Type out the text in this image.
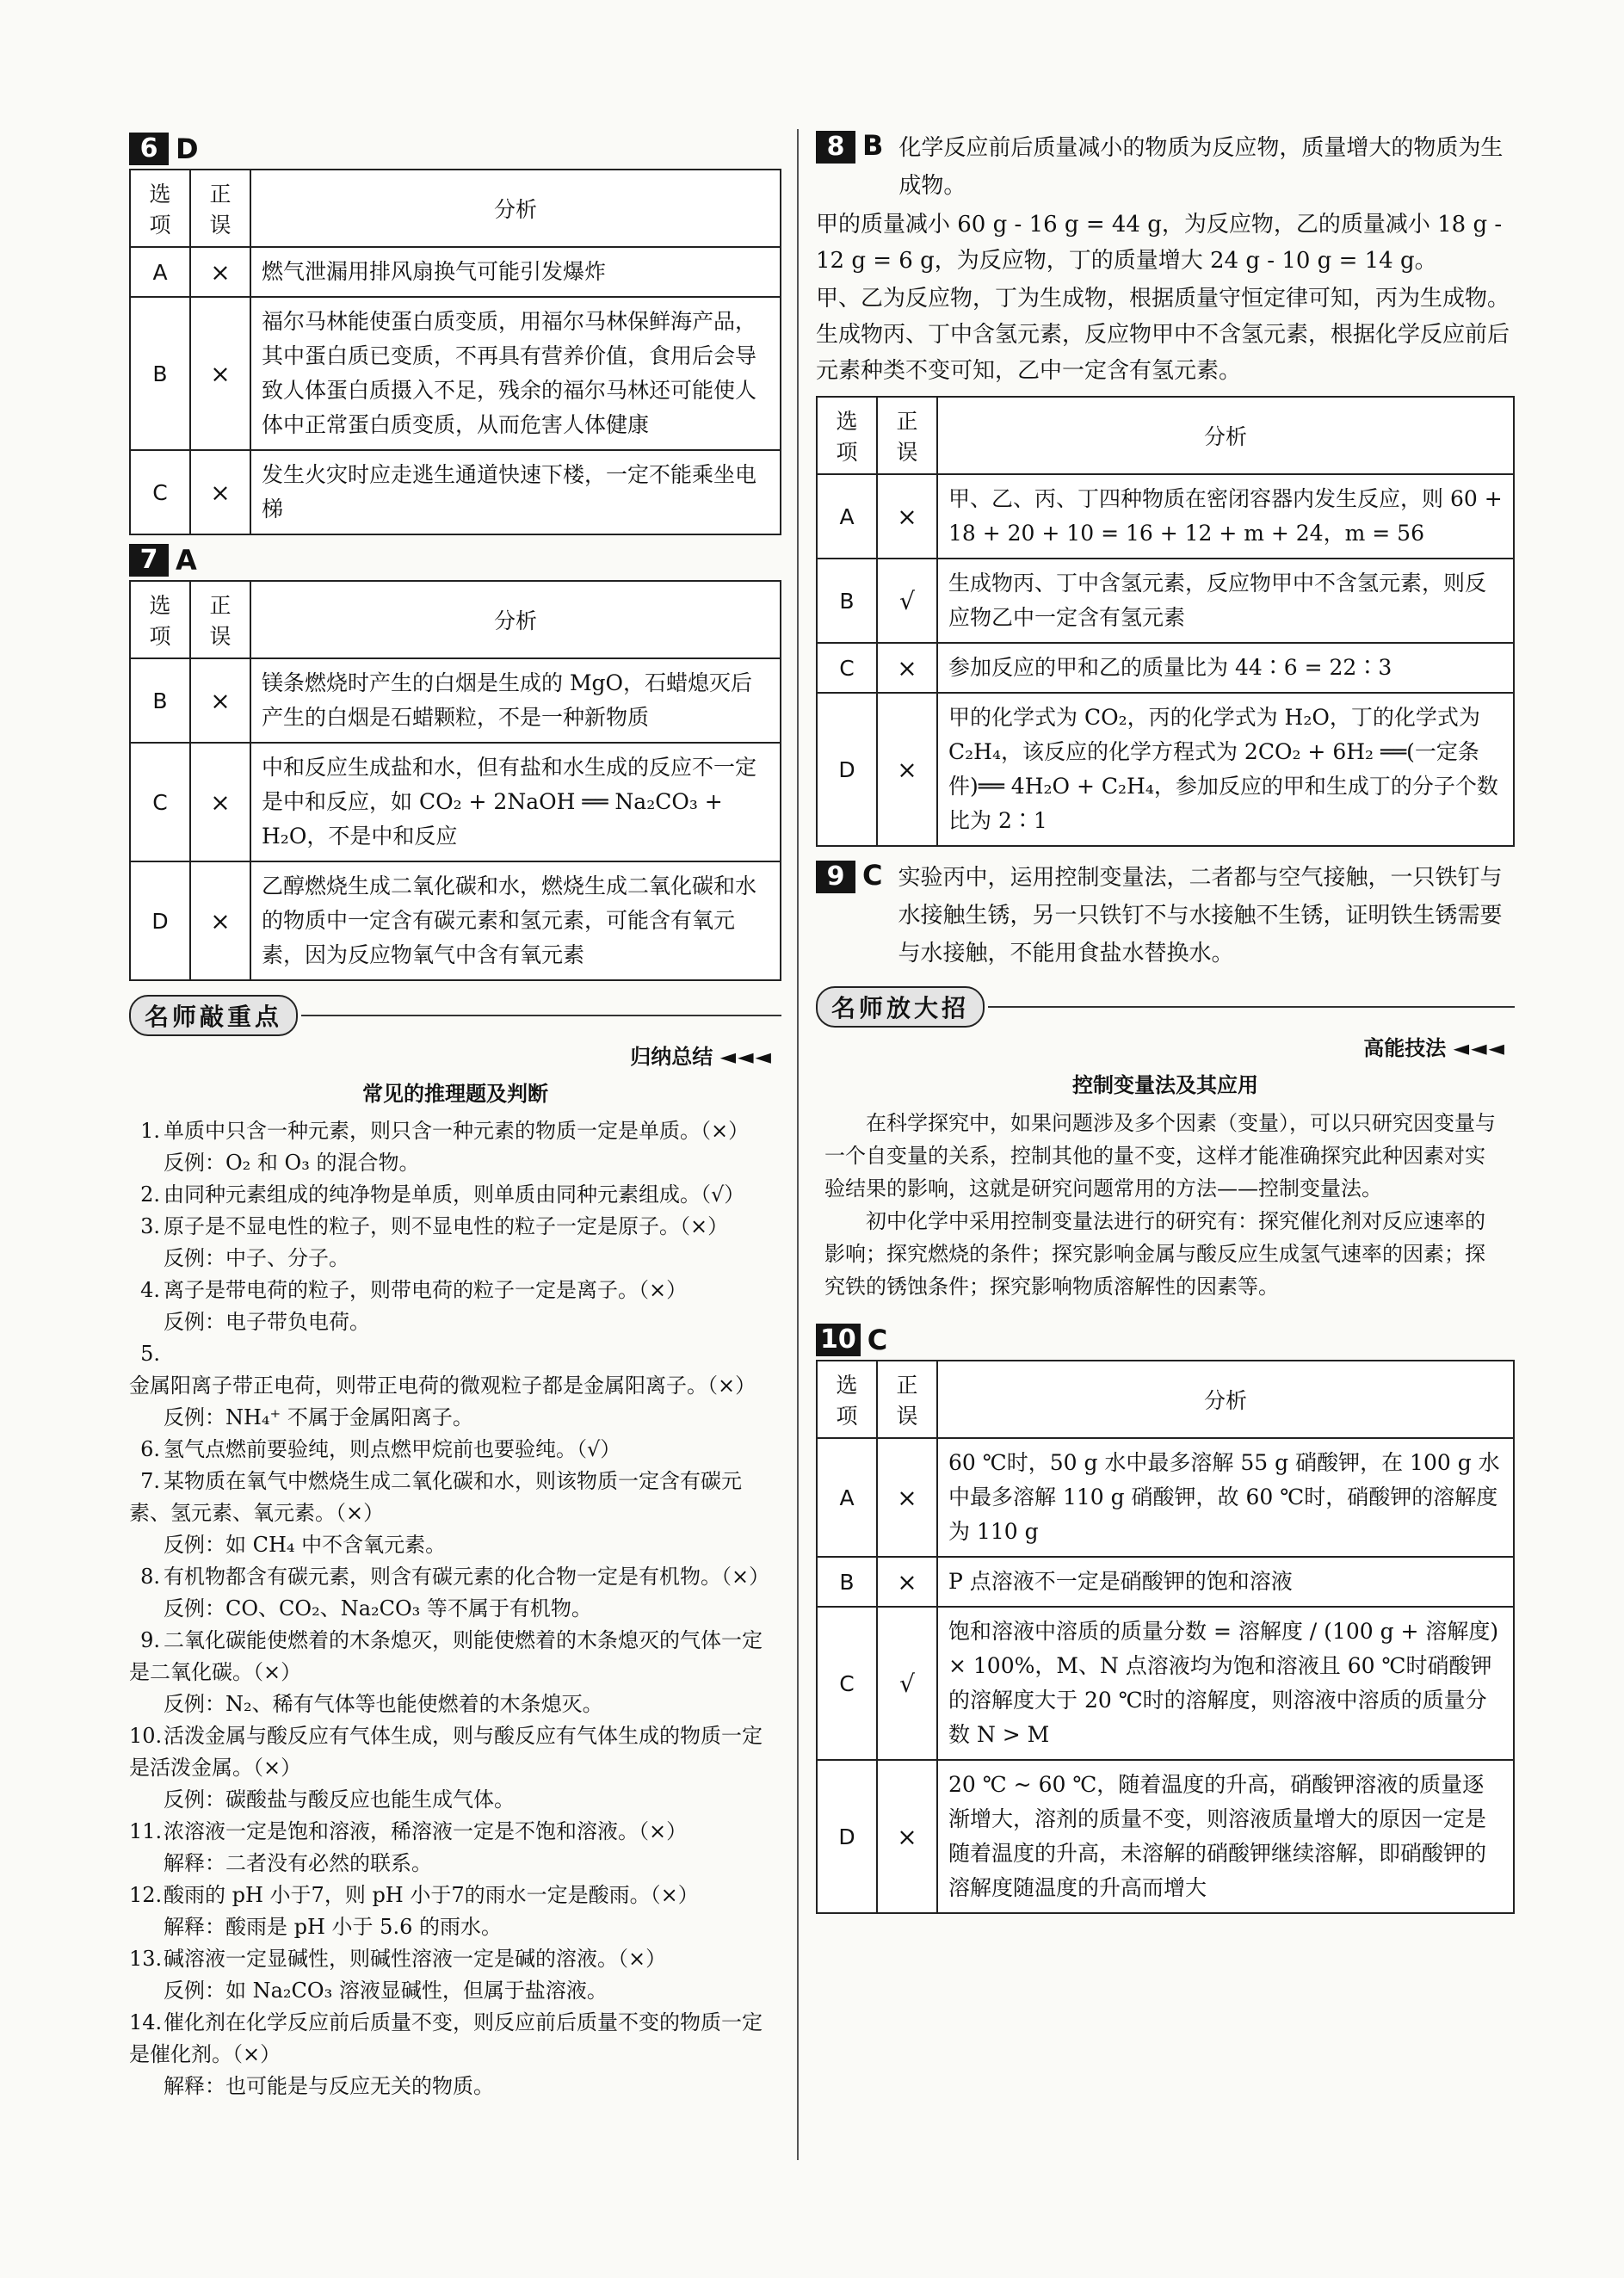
6 D
选项	正误	分析
A	×	燃气泄漏用排风扇换气可能引发爆炸
B	×	福尔马林能使蛋白质变质，用福尔马林保鲜海产品，其中蛋白质已变质，不再具有营养价值，食用后会导致人体蛋白质摄入不足，残余的福尔马林还可能使人体中正常蛋白质变质，从而危害人体健康
C	×	发生火灾时应走逃生通道快速下楼，一定不能乘坐电梯
7 A
选项	正误	分析
B	×	镁条燃烧时产生的白烟是生成的 MgO，石蜡熄灭后产生的白烟是石蜡颗粒，不是一种新物质
C	×	中和反应生成盐和水，但有盐和水生成的反应不一定是中和反应，如 CO₂ + 2NaOH ══ Na₂CO₃ + H₂O，不是中和反应
D	×	乙醇燃烧生成二氧化碳和水，燃烧生成二氧化碳和水的物质中一定含有碳元素和氢元素，可能含有氧元素，因为反应物氧气中含有氧元素
名师敲重点
归纳总结 ◄◄◄
常见的推理题及判断
1. 单质中只含一种元素，则只含一种元素的物质一定是单质。（×）
反例：O₂ 和 O₃ 的混合物。
2. 由同种元素组成的纯净物是单质，则单质由同种元素组成。（√）
3. 原子是不显电性的粒子，则不显电性的粒子一定是原子。（×）
反例：中子、分子。
4. 离子是带电荷的粒子，则带电荷的粒子一定是离子。（×）
反例：电子带负电荷。
5.金属阳离子带正电荷，则带正电荷的微观粒子都是金属阳离子。（×）
反例：NH₄⁺ 不属于金属阳离子。
6. 氢气点燃前要验纯，则点燃甲烷前也要验纯。（√）
7. 某物质在氧气中燃烧生成二氧化碳和水，则该物质一定含有碳元素、氢元素、氧元素。（×）
反例：如 CH₄ 中不含氧元素。
8. 有机物都含有碳元素，则含有碳元素的化合物一定是有机物。（×）
反例：CO、CO₂、Na₂CO₃ 等不属于有机物。
9. 二氧化碳能使燃着的木条熄灭，则能使燃着的木条熄灭的气体一定是二氧化碳。（×）
反例：N₂、稀有气体等也能使燃着的木条熄灭。
10.活泼金属与酸反应有气体生成，则与酸反应有气体生成的物质一定是活泼金属。（×）
反例：碳酸盐与酸反应也能生成气体。
11.浓溶液一定是饱和溶液，稀溶液一定是不饱和溶液。（×）
解释：二者没有必然的联系。
12.酸雨的 pH 小于7，则 pH 小于7的雨水一定是酸雨。（×）
解释：酸雨是 pH 小于 5.6 的雨水。
13.碱溶液一定显碱性，则碱性溶液一定是碱的溶液。（×）
反例：如 Na₂CO₃ 溶液显碱性，但属于盐溶液。
14.催化剂在化学反应前后质量不变，则反应前后质量不变的物质一定是催化剂。（×）
解释：也可能是与反应无关的物质。
8 B 化学反应前后质量减小的物质为反应物，质量增大的物质为生成物。

甲的质量减小 60 g - 16 g = 44 g，为反应物，乙的质量减小 18 g - 12 g = 6 g，为反应物，丁的质量增大 24 g - 10 g = 14 g。

甲、乙为反应物，丁为生成物，根据质量守恒定律可知，丙为生成物。生成物丙、丁中含氢元素，反应物甲中不含氢元素，根据化学反应前后元素种类不变可知，乙中一定含有氢元素。

选项	正误	分析
A	×	甲、乙、丙、丁四种物质在密闭容器内发生反应，则 60 + 18 + 20 + 10 = 16 + 12 + m + 24，m = 56
B	√	生成物丙、丁中含氢元素，反应物甲中不含氢元素，则反应物乙中一定含有氢元素
C	×	参加反应的甲和乙的质量比为 44∶6 = 22∶3
D	×	甲的化学式为 CO₂，丙的化学式为 H₂O，丁的化学式为 C₂H₄，该反应的化学方程式为 2CO₂ + 6H₂ ══(一定条件)══ 4H₂O + C₂H₄，参加反应的甲和生成丁的分子个数比为 2∶1
9 C 实验丙中，运用控制变量法，二者都与空气接触，一只铁钉与水接触生锈，另一只铁钉不与水接触不生锈，证明铁生锈需要与水接触，不能用食盐水替换水。
名师放大招
高能技法 ◄◄◄
控制变量法及其应用

在科学探究中，如果问题涉及多个因素（变量），可以只研究因变量与一个自变量的关系，控制其他的量不变，这样才能准确探究此种因素对实验结果的影响，这就是研究问题常用的方法——控制变量法。

初中化学中采用控制变量法进行的研究有：探究催化剂对反应速率的影响；探究燃烧的条件；探究影响金属与酸反应生成氢气速率的因素；探究铁的锈蚀条件；探究影响物质溶解性的因素等。

10 C
选项	正误	分析
A	×	60 ℃时，50 g 水中最多溶解 55 g 硝酸钾，在 100 g 水中最多溶解 110 g 硝酸钾，故 60 ℃时，硝酸钾的溶解度为 110 g
B	×	P 点溶液不一定是硝酸钾的饱和溶液
C	√	饱和溶液中溶质的质量分数 = 溶解度 / (100 g + 溶解度) × 100%，M、N 点溶液均为饱和溶液且 60 ℃时硝酸钾的溶解度大于 20 ℃时的溶解度，则溶液中溶质的质量分数 N > M
D	×	20 ℃ ~ 60 ℃，随着温度的升高，硝酸钾溶液的质量逐渐增大，溶剂的质量不变，则溶液质量增大的原因一定是随着温度的升高，未溶解的硝酸钾继续溶解，即硝酸钾的溶解度随温度的升高而增大
